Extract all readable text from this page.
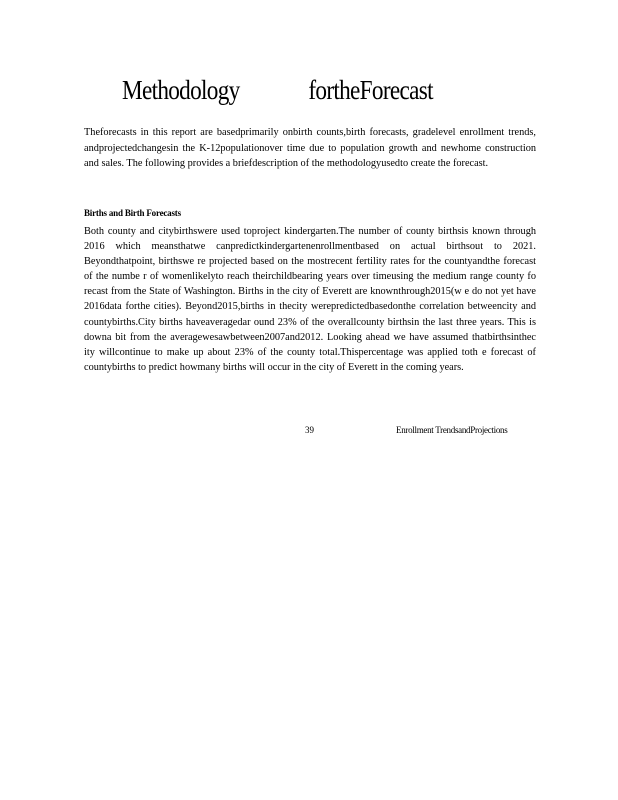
Methodology	fortheForecast

Theforecasts in this report are basedprimarily onbirth counts,birth forecasts, gradelevel enrollment trends, andprojectedchangesin the K-12populationover time due to population growth and newhome construction and sales. The following provides a briefdescription of the methodologyusedto create the forecast.

Births and Birth Forecasts

Both county and citybirthswere used toproject kindergarten.The number of county birthsis known through 2016 which meansthatwe canpredictkindergartenenrollmentbased on actual birthsout to 2021. Beyondthatpoint, birthswe re projected based on the mostrecent fertility rates for the countyandthe forecast of the numbe r of womenlikelyto reach theirchildbearing years over timeusing the medium range county fo recast from the State of Washington. Births in the city of Everett are knownthrough2015(w e do not yet have 2016data forthe cities). Beyond2015,births in thecity werepredictedbasedonthe correlation betweencity and countybirths.City births haveaveragedar ound 23% of the overallcounty birthsin the last three years. This is downa bit from the averagewesawbetween2007and2012. Looking ahead we have assumed thatbirthsinthec ity willcontinue to make up about 23% of the county total.Thispercentage was applied toth e forecast of countybirths to predict howmany births will occur in the city of Everett in the coming years.

39	Enrollment TrendsandProjections
